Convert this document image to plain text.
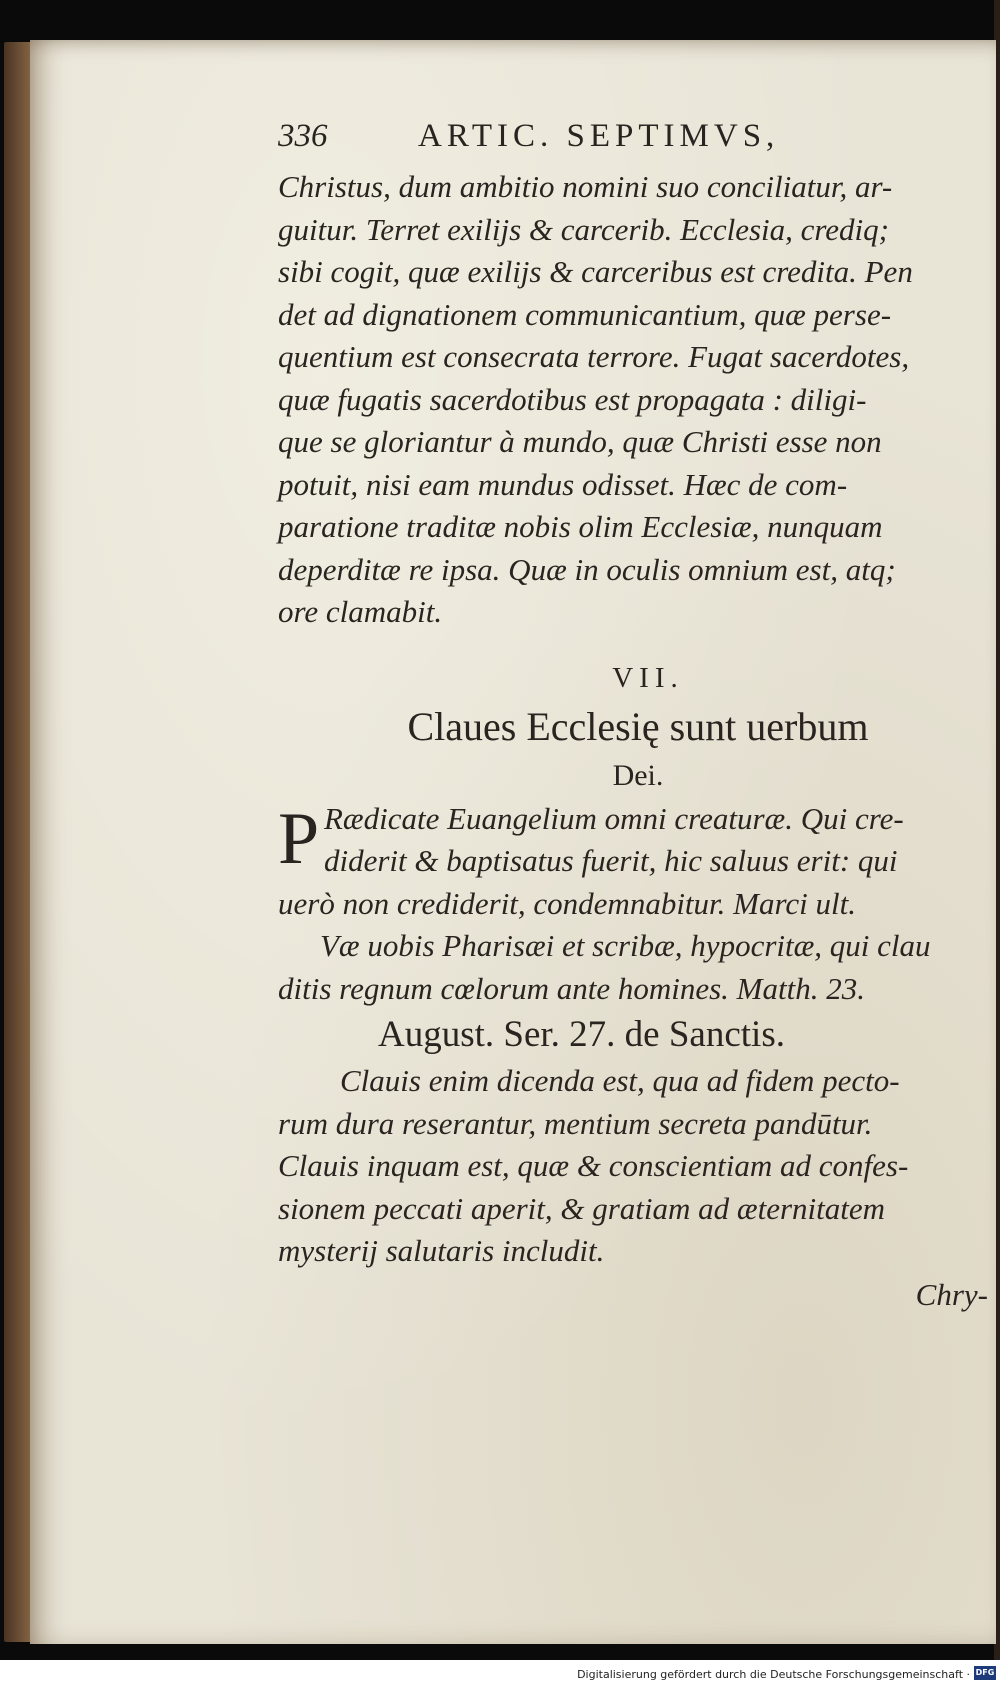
336	ARTIC. SEPTIMVS,
Christus, dum ambitio nomini suo conciliatur, ar-
guitur. Terret exilijs & carcerib. Ecclesia, crediq;
sibi cogit, quæ exilijs & carceribus est credita. Pen
det ad dignationem communicantium, quæ perse-
quentium est consecrata terrore. Fugat sacerdotes,
quæ fugatis sacerdotibus est propagata : diligi-
que se gloriantur à mundo, quæ Christi esse non
potuit, nisi eam mundus odisset. Hæc de com-
paratione traditæ nobis olim Ecclesiæ, nunquam
deperditæ re ipsa. Quæ in oculis omnium est, atq;
ore clamabit.
VII.
Claues Ecclesię sunt uerbum
Dei.
P Rædicate Euangelium omni creaturæ. Qui cre-
diderit & baptisatus fuerit, hic saluus erit: qui
uerò non crediderit, condemnabitur. Marci ult.
Væ uobis Pharisæi et scribæ, hypocritæ, qui clau
ditis regnum cœlorum ante homines. Matth. 23.
August. Ser. 27. de Sanctis.
Clauis enim dicenda est, qua ad fidem pecto-
rum dura reserantur, mentium secreta pandūtur.
Clauis inquam est, quæ & conscientiam ad confes-
sionem peccati aperit, & gratiam ad æternitatem
mysterij salutaris includit.
Chry-
Digitalisierung gefördert durch die Deutsche Forschungsgemeinschaft · DFG
